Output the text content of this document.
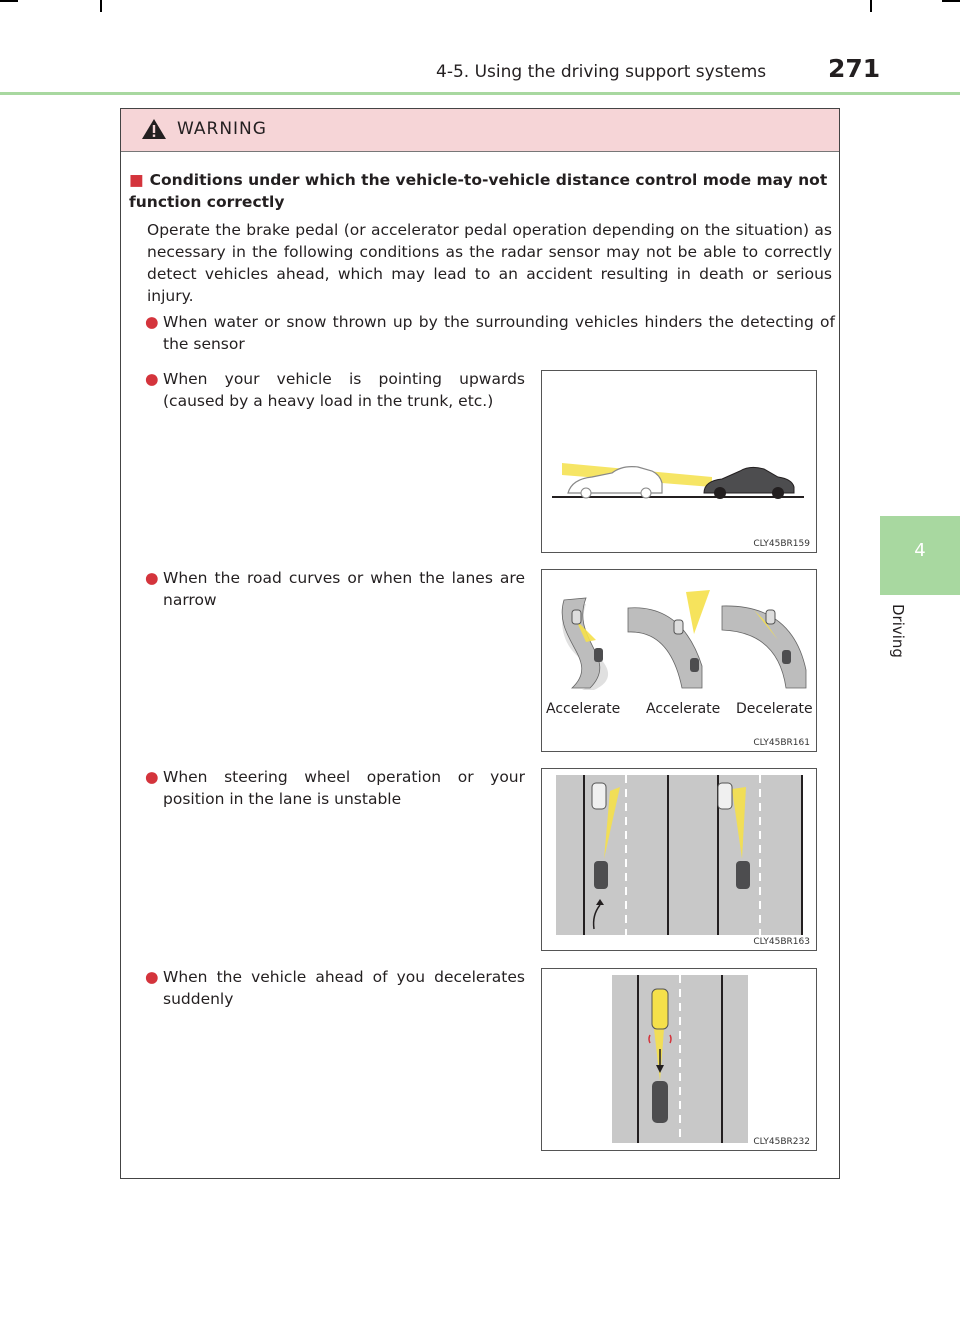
4-5. Using the driving support systems 271
4
Driving
WARNING
■ Conditions under which the vehicle-to-vehicle distance control mode may not function correctly
Operate the brake pedal (or accelerator pedal operation depending on the situation) as necessary in the following conditions as the radar sensor may not be able to correctly detect vehicles ahead, which may lead to an accident resulting in death or serious injury.
● When water or snow thrown up by the surrounding vehicles hinders the detecting of the sensor
● When your vehicle is pointing upwards (caused by a heavy load in the trunk, etc.)
● When the road curves or when the lanes are narrow
● When steering wheel operation or your position in the lane is unstable
● When the vehicle ahead of you decelerates suddenly
CLY45BR159
Accelerate Accelerate Decelerate
CLY45BR161
CLY45BR163
CLY45BR232
